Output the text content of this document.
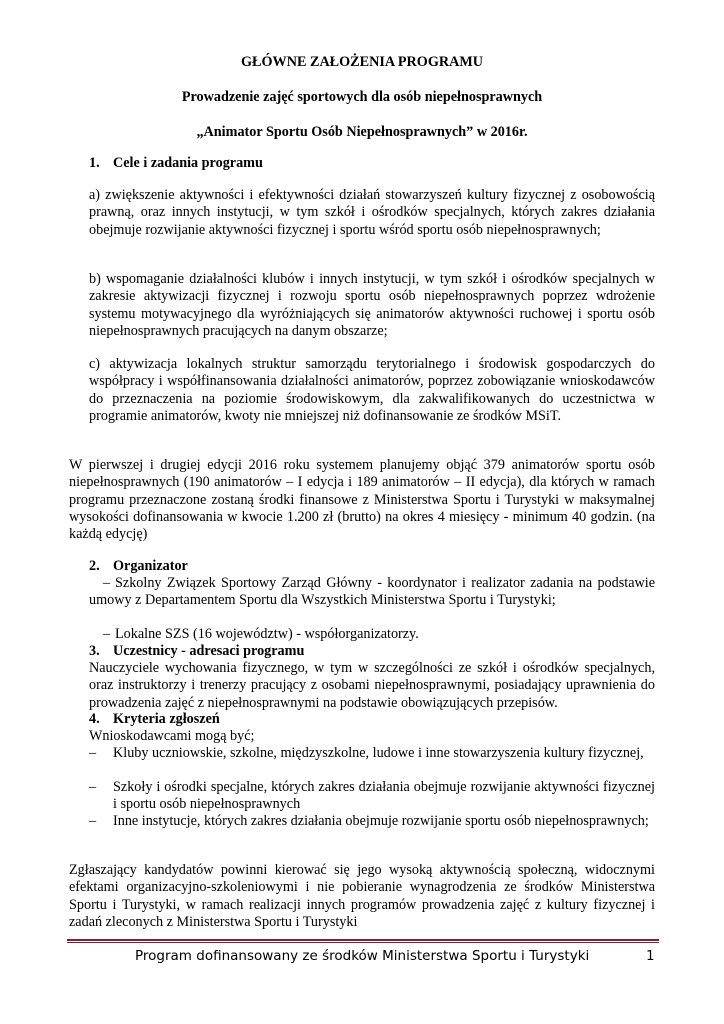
GŁÓWNE ZAŁOŻENIA PROGRAMU
Prowadzenie zajęć sportowych dla osób niepełnosprawnych
„Animator Sportu Osób Niepełnosprawnych” w 2016r.
1. Cele i zadania programu
a) zwiększenie aktywności i efektywności działań stowarzyszeń kultury fizycznej z osobowością prawną, oraz innych instytucji, w tym szkół i ośrodków specjalnych, których zakres działania obejmuje rozwijanie aktywności fizycznej i sportu wśród sportu osób niepełnosprawnych;
b) wspomaganie działalności klubów i innych instytucji, w tym szkół i ośrodków specjalnych w zakresie aktywizacji fizycznej i rozwoju sportu osób niepełnosprawnych poprzez wdrożenie systemu motywacyjnego dla wyróżniających się animatorów aktywności ruchowej i sportu osób niepełnosprawnych pracujących na danym obszarze;
c) aktywizacja lokalnych struktur samorządu terytorialnego i środowisk gospodarczych do współpracy i współfinansowania działalności animatorów, poprzez zobowiązanie wnioskodawców do przeznaczenia na poziomie środowiskowym, dla zakwalifikowanych do uczestnictwa w programie animatorów, kwoty nie mniejszej niż dofinansowanie ze środków MSiT.
W pierwszej i drugiej edycji 2016 roku systemem planujemy objąć 379 animatorów sportu osób niepełnosprawnych (190 animatorów – I edycja i 189 animatorów – II edycja), dla których w ramach programu przeznaczone zostaną środki finansowe z Ministerstwa Sportu i Turystyki w maksymalnej wysokości dofinansowania w kwocie 1.200 zł (brutto) na okres 4 miesięcy - minimum 40 godzin. (na każdą edycję)
2. Organizator
– Szkolny Związek Sportowy Zarząd Główny - koordynator i realizator zadania na podstawie umowy z Departamentem Sportu dla Wszystkich Ministerstwa Sportu i Turystyki;
– Lokalne SZS (16 województw) - współorganizatorzy.
3. Uczestnicy - adresaci programu
Nauczyciele wychowania fizycznego, w tym w szczególności ze szkół i ośrodków specjalnych, oraz instruktorzy i trenerzy pracujący z osobami niepełnosprawnymi, posiadający uprawnienia do prowadzenia zajęć z niepełnosprawnymi na podstawie obowiązujących przepisów.
4. Kryteria zgłoszeń
Wnioskodawcami mogą być;
– Kluby uczniowskie, szkolne, międzyszkolne, ludowe i inne stowarzyszenia kultury fizycznej,
– Szkoły i ośrodki specjalne, których zakres działania obejmuje rozwijanie aktywności fizycznej i sportu osób niepełnosprawnych
– Inne instytucje, których zakres działania obejmuje rozwijanie sportu osób niepełnosprawnych;
Zgłaszający kandydatów powinni kierować się jego wysoką aktywnością społeczną, widocznymi efektami organizacyjno-szkoleniowymi i nie pobieranie wynagrodzenia ze środków Ministerstwa Sportu i Turystyki, w ramach realizacji innych programów prowadzenia zajęć z kultury fizycznej i zadań zleconych z Ministerstwa Sportu i Turystyki
Program dofinansowany ze środków Ministerstwa Sportu i Turystyki	1
